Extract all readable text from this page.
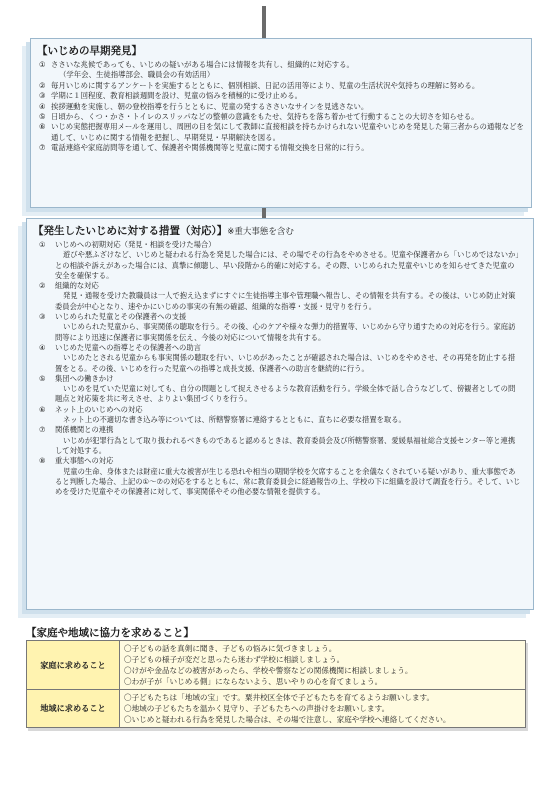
【いじめの早期発見】
① ささいな兆候であっても、いじめの疑いがある場合には情報を共有し、組織的に対応する。
（学年会、生徒指導部会、職員会の有効活用）
② 毎月いじめに関するアンケートを実施するとともに、個別相談、日記の活用等により、児童の生活状況や気持ちの理解に努める。
③ 学期に１回程度、教育相談週間を設け、児童の悩みを積極的に受け止める。
④ 挨拶運動を実施し、朝の登校指導を行うとともに、児童の発するささいなサインを見逃さない。
⑤ 日頃から、くつ・かさ・トイレのスリッパなどの整頓の意識をもたせ、気持ちを落ち着かせて行動することの大切さを知らせる。
⑥ いじめ実態把握専用メールを運用し、周囲の目を気にして教師に直接相談を持ちかけられない児童やいじめを発見した第三者からの通報などを通して、いじめに関する情報を把握し、早期発見・早期解決を図る。
⑦ 電話連絡や家庭訪問等を通して、保護者や関係機関等と児童に関する情報交換を日常的に行う。
【発生したいじめに対する措置（対応）】※重大事態を含む
①	いじめへの初期対応（発見・相談を受けた場合）
遊びや悪ふざけなど、いじめと疑われる行為を発見した場合には、その場でその行為をやめさせる。児童や保護者から「いじめではないか」との相談や訴えがあった場合には、真摯に傾聴し、早い段階から的確に対応する。その際、いじめられた児童やいじめを知らせてきた児童の安全を確保する。
②	組織的な対応
発見・通報を受けた教職員は一人で抱え込まずにすぐに生徒指導主事や管理職へ報告し、その情報を共有する。その後は、いじめ防止対策委員会が中心となり、速やかにいじめの事実の有無の確認、組織的な指導・支援・見守りを行う。
③	いじめられた児童とその保護者への支援
いじめられた児童から、事実関係の聴取を行う。その後、心のケアや様々な弾力的措置等、いじめから守り通すための対応を行う。家庭訪問等により迅速に保護者に事実関係を伝え、今後の対応について情報を共有する。
④	いじめた児童への指導とその保護者への助言
いじめたとされる児童からも事実関係の聴取を行い、いじめがあったことが確認された場合は、いじめをやめさせ、その再発を防止する措置をとる。その後、いじめを行った児童への指導と成長支援、保護者への助言を継続的に行う。
⑤	集団への働きかけ
いじめを見ていた児童に対しても、自分の問題として捉えさせるような教育活動を行う。学級全体で話し合うなどして、傍観者としての問題点と対応策を共に考えさせ、よりよい集団づくりを行う。
⑥	ネット上のいじめへの対応
ネット上の不適切な書き込み等については、所轄警察署に連絡するとともに、直ちに必要な措置を取る。
⑦	関係機関との連携
いじめが犯罪行為として取り扱われるべきものであると認めるときは、教育委員会及び所轄警察署、愛媛県福祉総合支援センター等と連携して対処する。
⑧	重大事態への対応
児童の生命、身体または財産に重大な被害が生じる恐れや相当の期間学校を欠席することを余儀なくされている疑いがあり、重大事態であると判断した場合、上記の①～⑦の対応をするとともに、常に教育委員会に経過報告の上、学校の下に組織を設けて調査を行う。そして、いじめを受けた児童やその保護者に対して、事実関係やその他必要な情報を提供する。
【家庭や地域に協力を求めること】
家庭に求めること	〇子どもの話を真剣に聞き、子どもの悩みに気づきましょう。
〇子どもの様子が変だと思ったら迷わず学校に相談しましょう。
〇けがや金品などの被害があったら、学校や警察などの関係機関に相談しましょう。
〇わが子が「いじめる側」にならないよう、思いやりの心を育てましょう。

地域に求めること	〇子どもたちは「地域の宝」です。粟井校区全体で子どもたちを育てるようお願いします。
〇地域の子どもたちを温かく見守り、子どもたちへの声掛けをお願いします。
〇いじめと疑われる行為を発見した場合は、その場で注意し、家庭や学校へ連絡してください。
